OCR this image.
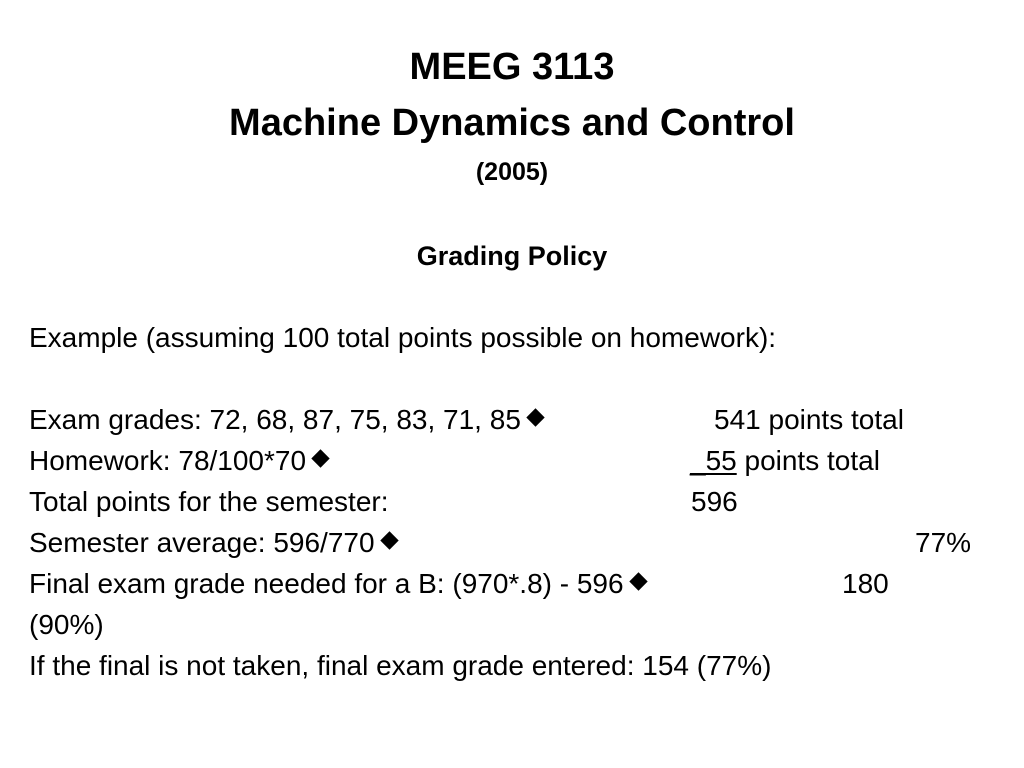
MEEG 3113
Machine Dynamics and Control
(2005)
Grading Policy
Example (assuming 100 total points possible on homework):
Exam grades: 72, 68, 87, 75, 83, 71, 85	541 points total
Homework: 78/100*70	_55 points total
Total points for the semester:	596
Semester average: 596/770	77%
Final exam grade needed for a B: (970*.8) - 596	180
(90%)
If the final is not taken, final exam grade entered: 154 (77%)
